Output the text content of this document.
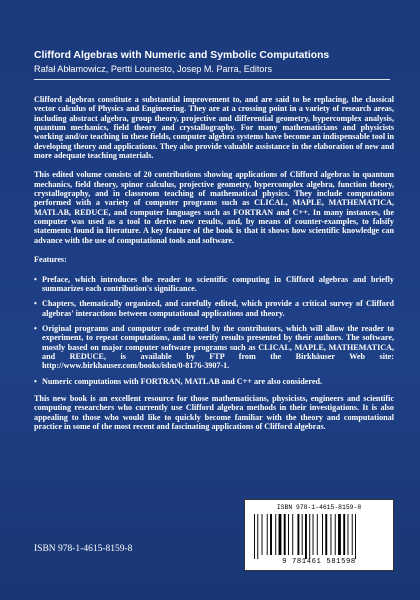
Clifford Algebras with Numeric and Symbolic Computations
Rafał Abłamowicz, Pertti Lounesto, Josep M. Parra, Editors

Clifford algebras constitute a substantial improvement to, and are said to be replacing, the classical vector calculus of Physics and Engineering. They are at a crossing point in a variety of research areas, including abstract algebra, group theory, projective and differential geometry, hypercomplex analysis, quantum mechanics, field theory and crystallography. For many mathematicians and physicists working and/or teaching in these fields, computer algebra systems have become an indispensable tool in developing theory and applications. They also provide valuable assistance in the elaboration of new and more adequate teaching materials.

This edited volume consists of 20 contributions showing applications of Clifford algebras in quantum mechanics, field theory, spinor calculus, projective geometry, hypercomplex algebra, function theory, crystallography, and in classroom teaching of mathematical physics. They include computations performed with a variety of computer programs such as CLICAL, MAPLE, MATHEMATICA, MATLAB, REDUCE, and computer languages such as FORTRAN and C++. In many instances, the computer was used as a tool to derive new results, and, by means of counter-examples, to falsify statements found in literature. A key feature of the book is that it shows how scientific knowledge can advance with the use of computational tools and software.

Features:

• Preface, which introduces the reader to scientific computing in Clifford algebras and briefly summarizes each contribution's significance.
• Chapters, thematically organized, and carefully edited, which provide a critical survey of Clifford algebras' interactions between computational applications and theory.
• Original programs and computer code created by the contributors, which will allow the reader to experiment, to repeat computations, and to verify results presented by their authors. The software, mostly based on major computer software programs such as CLICAL, MAPLE, MATHEMATICA, and REDUCE, is available by FTP from the Birkhäuser Web site: http://www.birkhauser.com/books/isbn/0-8176-3907-1.
• Numeric computations with FORTRAN, MATLAB and C++ are also considered.

This new book is an excellent resource for those mathematicians, physicists, engineers and scientific computing researchers who currently use Clifford algebra methods in their investigations. It is also appealing to those who would like to quickly become familiar with the theory and computational practice in some of the most recent and fascinating applications of Clifford algebras.

ISBN 978-1-4615-8159-8
ISBN 978-1-4615-8159-8
9 781461 581598
